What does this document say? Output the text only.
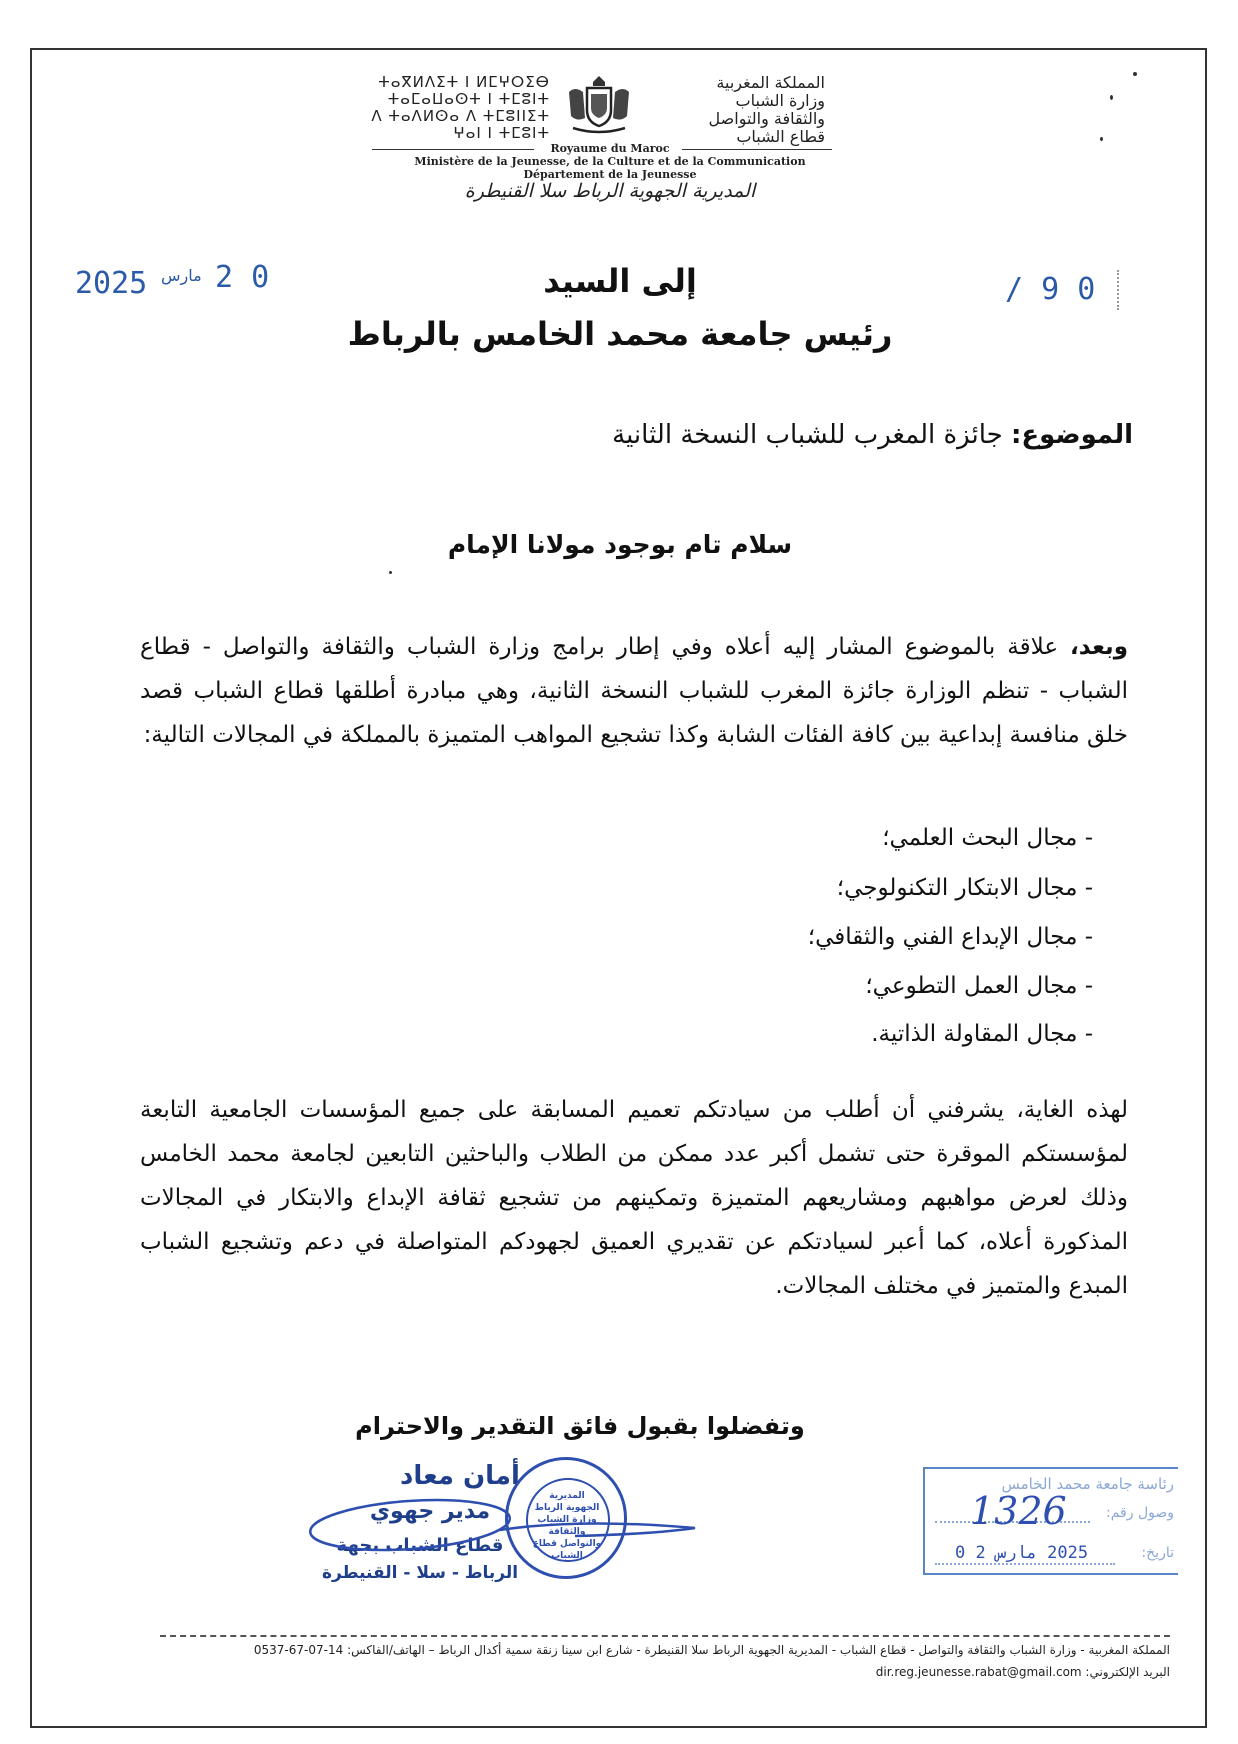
ⵜⴰⴳⵍⴷⵉⵜ ⵏ ⵍⵎⵖⵔⵉⴱ
ⵜⴰⵎⴰⵡⴰⵙⵜ ⵏ ⵜⵎⵓⵏⵜ
ⴷ ⵜⴰⴷⵍⵙⴰ ⴷ ⵜⵎⵓⵏⵏⵉⵜ
ⵖⴰⵏ ⵏ ⵜⵎⵓⵏⵜ
المملكة المغربية
وزارة الشباب
والثقافة والتواصل
قطاع الشباب
Royaume du Maroc
Ministère de la Jeunesse, de la Culture et de la Communication
Département de la Jeunesse
المديرية الجهوية الرباط سلا القنيطرة
2025 مارس 2 0	/ 9 0
إلى السيد
رئيس جامعة محمد الخامس بالرباط
الموضوع: جائزة المغرب للشباب النسخة الثانية
سلام تام بوجود مولانا الإمام
وبعد، علاقة بالموضوع المشار إليه أعلاه وفي إطار برامج وزارة الشباب والثقافة والتواصل - قطاع الشباب - تنظم الوزارة جائزة المغرب للشباب النسخة الثانية، وهي مبادرة أطلقها قطاع الشباب قصد خلق منافسة إبداعية بين كافة الفئات الشابة وكذا تشجيع المواهب المتميزة بالمملكة في المجالات التالية:
- مجال البحث العلمي؛
- مجال الابتكار التكنولوجي؛
- مجال الإبداع الفني والثقافي؛
- مجال العمل التطوعي؛
- مجال المقاولة الذاتية.
لهذه الغاية، يشرفني أن أطلب من سيادتكم تعميم المسابقة على جميع المؤسسات الجامعية التابعة لمؤسستكم الموقرة حتى تشمل أكبر عدد ممكن من الطلاب والباحثين التابعين لجامعة محمد الخامس وذلك لعرض مواهبهم ومشاريعهم المتميزة وتمكينهم من تشجيع ثقافة الإبداع والابتكار في المجالات المذكورة أعلاه، كما أعبر لسيادتكم عن تقديري العميق لجهودكم المتواصلة في دعم وتشجيع الشباب المبدع والمتميز في مختلف المجالات.
وتفضلوا بقبول فائق التقدير والاحترام
أمان معاد
مدير جهوي
قطاع الشباب بجهة
الرباط - سلا - القنيطرة
المديرية الجهوية الرباط وزارة الشباب والثقافة والتواصل قطاع الشباب
رئاسة جامعة محمد الخامس
وصول رقم:
1326
تاريخ:
2025 مارس 2 0
المملكة المغربية - وزارة الشباب والثقافة والتواصل - قطاع الشباب - المديرية الجهوية الرباط سلا القنيطرة - شارع ابن سينا زنقة سمية أكدال الرباط – الهاتف/الفاكس: 14-07-67-0537
البريد الإلكتروني: dir.reg.jeunesse.rabat@gmail.com
